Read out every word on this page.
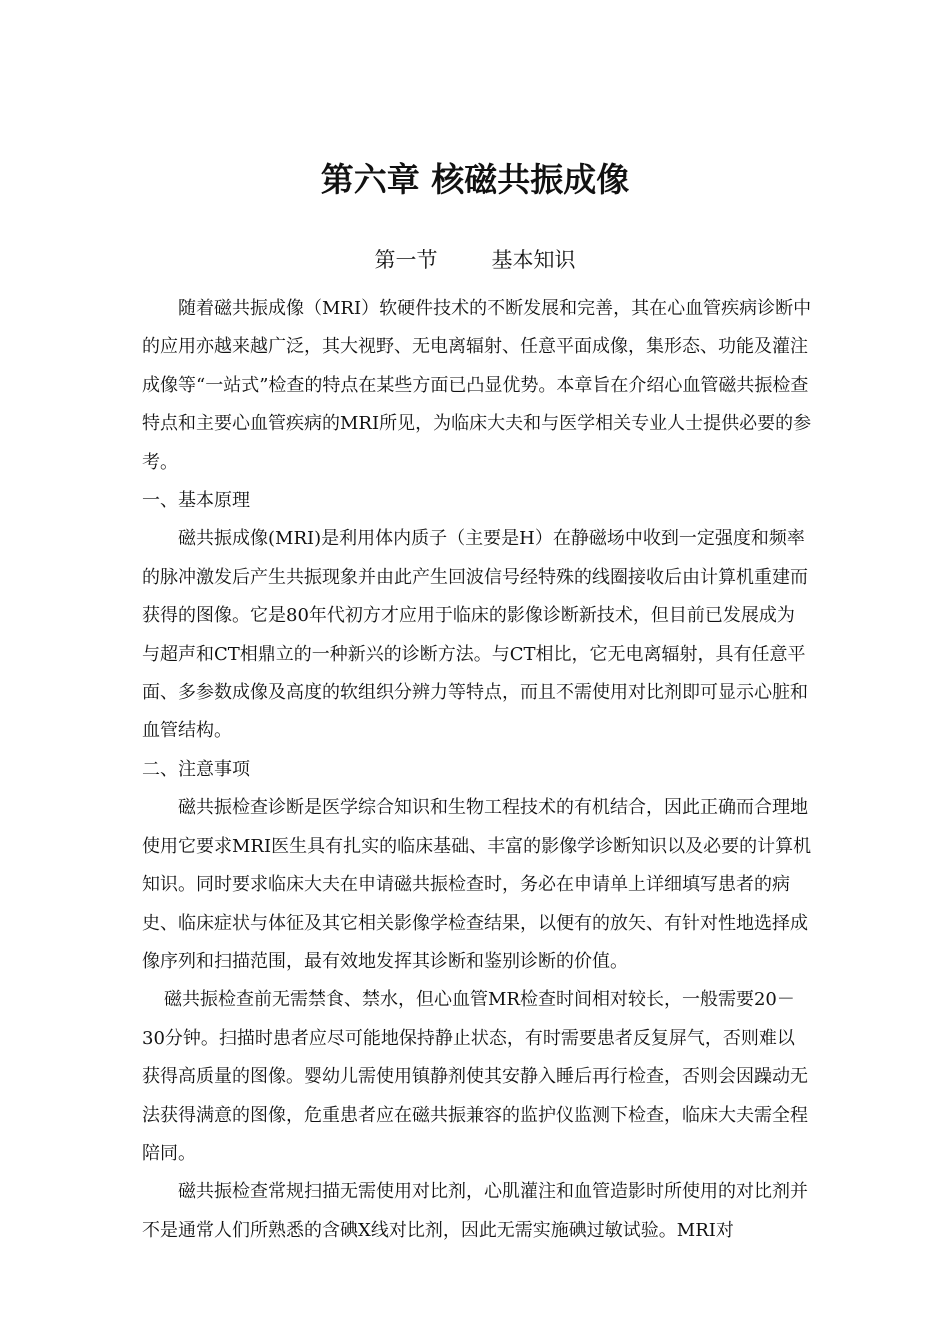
第六章 核磁共振成像
第一节	基本知识

随着磁共振成像（MRI）软硬件技术的不断发展和完善，其在心血管疾病诊断中的应用亦越来越广泛，其大视野、无电离辐射、任意平面成像，集形态、功能及灌注成像等“一站式”检查的特点在某些方面已凸显优势。本章旨在介绍心血管磁共振检查特点和主要心血管疾病的MRI所见，为临床大夫和与医学相关专业人士提供必要的参考。

一、基本原理

磁共振成像(MRI)是利用体内质子（主要是H）在静磁场中收到一定强度和频率的脉冲激发后产生共振现象并由此产生回波信号经特殊的线圈接收后由计算机重建而获得的图像。它是80年代初方才应用于临床的影像诊断新技术，但目前已发展成为与超声和CT相鼎立的一种新兴的诊断方法。与CT相比，它无电离辐射，具有任意平面、多参数成像及高度的软组织分辨力等特点，而且不需使用对比剂即可显示心脏和血管结构。

二、注意事项

磁共振检查诊断是医学综合知识和生物工程技术的有机结合，因此正确而合理地使用它要求MRI医生具有扎实的临床基础、丰富的影像学诊断知识以及必要的计算机知识。同时要求临床大夫在申请磁共振检查时，务必在申请单上详细填写患者的病史、临床症状与体征及其它相关影像学检查结果，以便有的放矢、有针对性地选择成像序列和扫描范围，最有效地发挥其诊断和鉴别诊断的价值。

磁共振检查前无需禁食、禁水，但心血管MR检查时间相对较长，一般需要20－30分钟。扫描时患者应尽可能地保持静止状态，有时需要患者反复屏气，否则难以获得高质量的图像。婴幼儿需使用镇静剂使其安静入睡后再行检查，否则会因躁动无法获得满意的图像，危重患者应在磁共振兼容的监护仪监测下检查，临床大夫需全程陪同。

磁共振检查常规扫描无需使用对比剂，心肌灌注和血管造影时所使用的对比剂并不是通常人们所熟悉的含碘X线对比剂，因此无需实施碘过敏试验。MRI对
